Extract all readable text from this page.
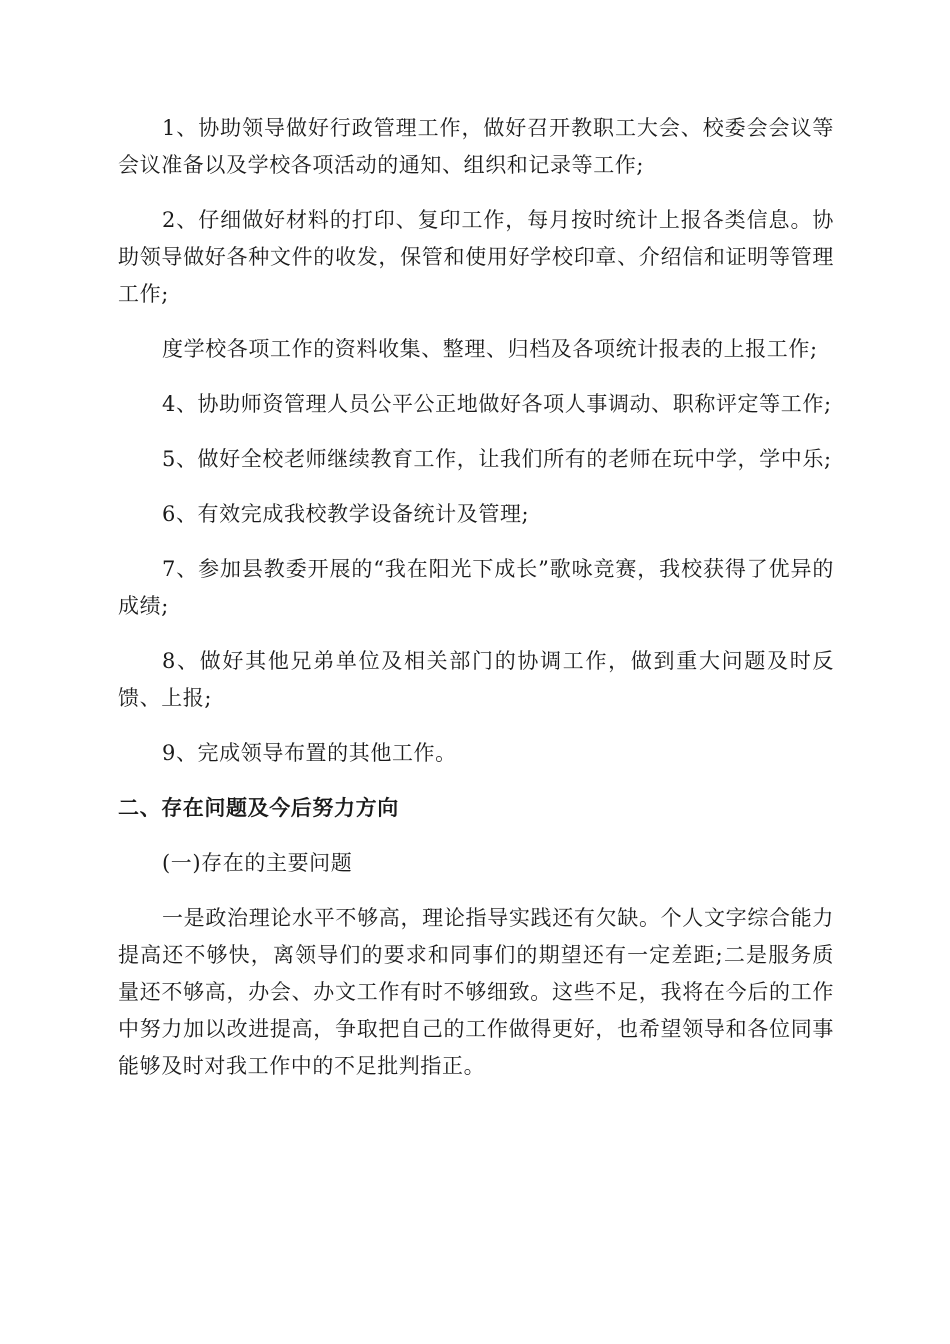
1、协助领导做好行政管理工作，做好召开教职工大会、校委会会议等会议准备以及学校各项活动的通知、组织和记录等工作;

2、仔细做好材料的打印、复印工作，每月按时统计上报各类信息。协助领导做好各种文件的收发，保管和使用好学校印章、介绍信和证明等管理工作;

度学校各项工作的资料收集、整理、归档及各项统计报表的上报工作;

4、协助师资管理人员公平公正地做好各项人事调动、职称评定等工作;

5、做好全校老师继续教育工作，让我们所有的老师在玩中学，学中乐;

6、有效完成我校教学设备统计及管理;

7、参加县教委开展的“我在阳光下成长”歌咏竞赛，我校获得了优异的成绩;

8、做好其他兄弟单位及相关部门的协调工作，做到重大问题及时反馈、上报;

9、完成领导布置的其他工作。

二、存在问题及今后努力方向

(一)存在的主要问题

一是政治理论水平不够高，理论指导实践还有欠缺。个人文字综合能力提高还不够快，离领导们的要求和同事们的期望还有一定差距;二是服务质量还不够高，办会、办文工作有时不够细致。这些不足，我将在今后的工作中努力加以改进提高，争取把自己的工作做得更好，也希望领导和各位同事能够及时对我工作中的不足批判指正。
